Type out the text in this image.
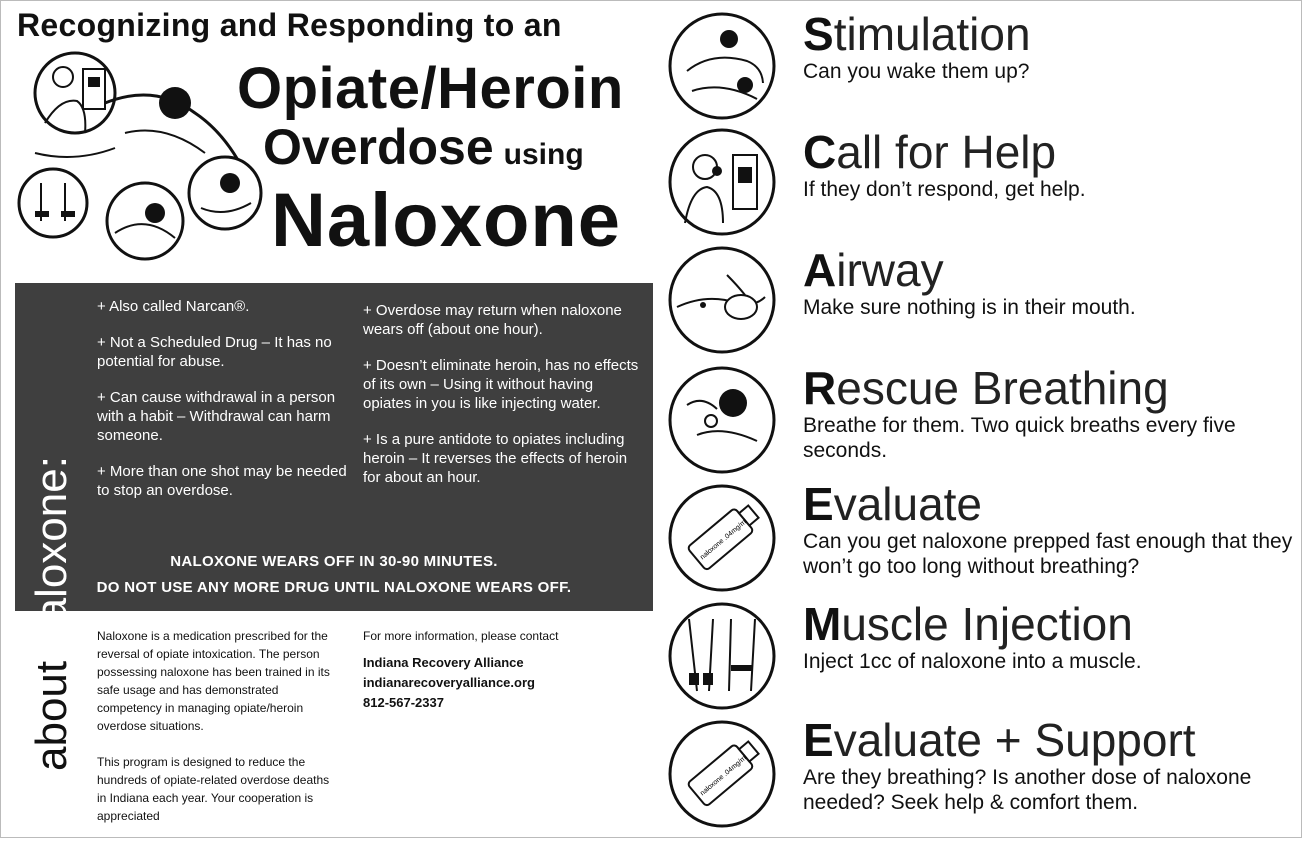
Recognizing and Responding to an
Opiate/Heroin
Overdose using
Naloxone

+ Also called Narcan®.

+ Not a Scheduled Drug – It has no potential for abuse.

+ Can cause withdrawal in a person with a habit – Withdrawal can harm someone.

+ More than one shot may be needed to stop an overdose.

+ Overdose may return when naloxone wears off (about one hour).

+ Doesn’t eliminate heroin, has no effects of its own – Using it without having opiates in you is like injecting water.

+ Is a pure antidote to opiates including heroin – It reverses the effects of heroin for about an hour.

NALOXONE WEARS OFF IN 30-90 MINUTES.
DO NOT USE ANY MORE DRUG UNTIL NALOXONE WEARS OFF.
aboutnaloxone: Naloxone is a medication prescribed for the reversal of opiate intoxication. The person possessing naloxone has been trained in its safe usage and has demonstrated competency in managing opiate/heroin overdose situations.

This program is designed to reduce the hundreds of opiate-related overdose deaths in Indiana each year. Your cooperation is appreciated

For more information, please contact
Indiana Recovery Alliance
indianarecoveryalliance.org
812-567-2337
Stimulation
Can you wake them up?
Call for Help
If they don’t respond, get help.
Airway
Make sure nothing is in their mouth.
Rescue Breathing
Breathe for them. Two quick breaths every five seconds.
naloxone .04mg/ml
Evaluate
Can you get naloxone prepped fast enough that they won’t go too long without breathing?
Muscle Injection
Inject 1cc of naloxone into a muscle.
naloxone .04mg/ml
Evaluate + Support
Are they breathing? Is another dose of naloxone needed? Seek help & comfort them.
